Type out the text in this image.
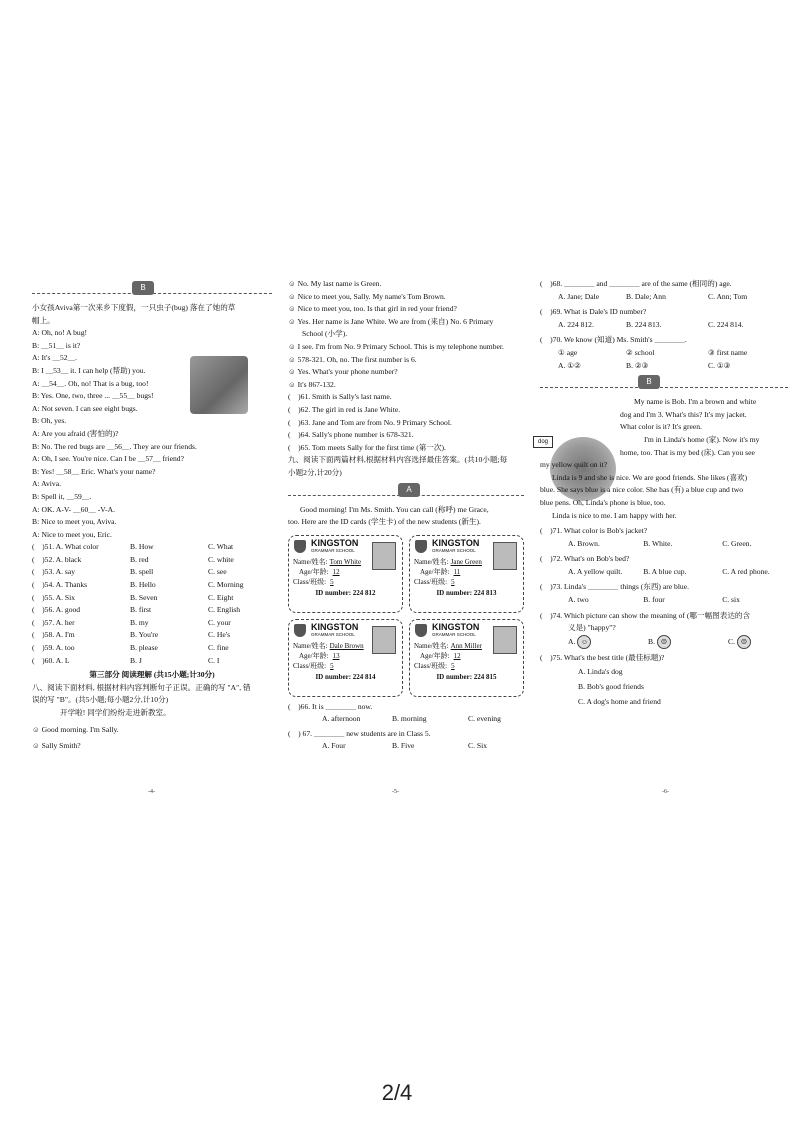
dog
B
小女孩Aviva第一次来乡下度假，一只虫子(bug) 落在了她的草
帽上。
A: Oh, no! A bug!
B: ＿51＿ is it?
A: It's ＿52＿.
B: I ＿53＿ it. I can help (帮助) you.
A: ＿54＿. Oh, no! That is a bug, too!
B: Yes. One, two, three ... ＿55＿ bugs!
A: Not seven. I can see eight bugs.
B: Oh, yes.
A: Are you afraid (害怕的)?
B: No. The red bugs are ＿56＿. They are our friends.
A: Oh, I see. You're nice. Can I be ＿57＿ friend?
B: Yes! ＿58＿ Eric. What's your name?
A: Aviva.
B: Spell it, ＿59＿.
A: OK. A-V- ＿60＿ -V-A.
B: Nice to meet you, Aviva.
A: Nice to meet you, Eric.
(　)51. A. What color	B. How	C. What
(　)52. A. black	B. red	C. white
(　)53. A. say	B. spell	C. see
(　)54. A. Thanks	B. Hello	C. Morning
(　)55. A. Six	B. Seven	C. Eight
(　)56. A. good	B. first	C. English
(　)57. A. her	B. my	C. your
(　)58. A. I'm	B. You're	C. He's
(　)59. A. too	B. please	C. fine
(　)60. A. L	B. J	C. I
第三部分 阅读理解 (共15小题;计30分)
八、阅读下面材料, 根据材料内容判断句子正误。正确的写 "A", 错
误的写 "B"。(共5小题;每小题2分,计10分)
开学啦! 同学们纷纷走进新教室。
☺ Good morning. I'm Sally.
☺ Sally Smith?
☺ No. My last name is Green.
☺ Nice to meet you, Sally. My name's Tom Brown.
☺ Nice to meet you, too. Is that girl in red your friend?
☺ Yes. Her name is Jane White. We are from (来自) No. 6 Primary
School (小学).
☺ I see. I'm from No. 9 Primary School. This is my telephone number.
☺ 578-321. Oh, no. The first number is 6.
☺ Yes. What's your phone number?
☺ It's 867-132.
(　)61. Smith is Sally's last name.
(　)62. The girl in red is Jane White.
(　)63. Jane and Tom are from No. 9 Primary School.
(　)64. Sally's phone number is 678-321.
(　)65. Tom meets Sally for the first time (第一次).
九、阅读下面两篇材料,根据材料内容选择最佳答案。(共10小题;每
小题2分,计20分)
A
Good morning! I'm Ms. Smith. You can call (称呼) me Grace,
too. Here are the ID cards (学生卡) of the new students (新生).
KINGSTON
GRAMMAR SCHOOL
Name/姓名: Tom White
Age/年龄: 12
Class/班级: 5
ID number: 224 812
KINGSTON
GRAMMAR SCHOOL
Name/姓名: Jane Green
Age/年龄: 11
Class/班级: 5
ID number: 224 813
KINGSTON
GRAMMAR SCHOOL
Name/姓名: Dale Brown
Age/年龄: 13
Class/班级: 5
ID number: 224 814
KINGSTON
GRAMMAR SCHOOL
Name/姓名: Ann Miller
Age/年龄: 12
Class/班级: 5
ID number: 224 815
(　)66. It is ＿＿＿＿ now.
A. afternoon	B. morning	C. evening
(　) 67. ＿＿＿＿ new students are in Class 5.
A. Four	B. Five	C. Six
(　)68. ＿＿＿＿ and ＿＿＿＿ are of the same (相同的) age.
A. Jane; Dale	B. Dale; Ann	C. Ann; Tom
(　)69. What is Dale's ID number?
A. 224 812.	B. 224 813.	C. 224 814.
(　)70. We know (知道) Ms. Smith's ＿＿＿＿.
① age	② school	③ first name
A. ①②	B. ②③	C. ①③
B
My name is Bob. I'm a brown and white
dog and I'm 3. What's this? It's my jacket.
What color is it? It's green.
I'm in Linda's home (家). Now it's my
home, too. That is my bed (床). Can you see
my yellow quilt on it?
Linda is 9 and she is nice. We are good friends. She likes (喜欢)
blue. She says blue is a nice color. She has (有) a blue cup and two
blue pens. Oh, Linda's phone is blue, too.
Linda is nice to me. I am happy with her.
(　)71. What color is Bob's jacket?
A. Brown.	B. White.	C. Green.
(　)72. What's on Bob's bed?
A. A yellow quilt.	B. A blue cup.	C. A red phone.
(　)73. Linda's ＿＿＿＿ things (东西) are blue.
A. two	B. four	C. six
(　)74. Which picture can show the meaning of (哪一幅图表达的含
义是) "happy"?
A. ☺	B. ☹	C. ☹
(　)75. What's the best title (最佳标题)?
A. Linda's dog
B. Bob's good friends
C. A dog's home and friend
-4-	-5-	-6-
2/4
